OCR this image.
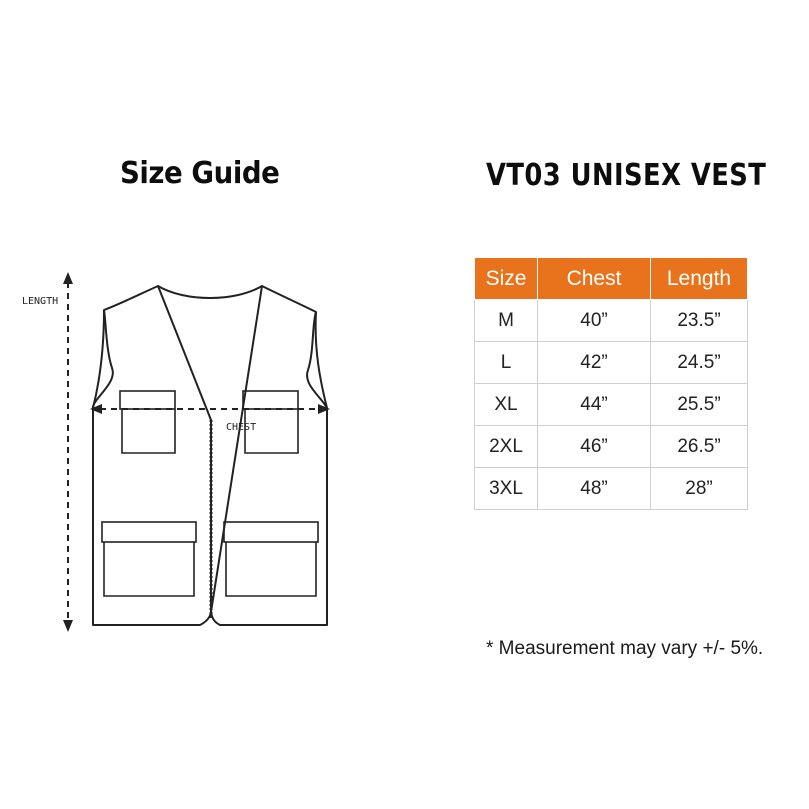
Size Guide	VT03 UNISEX VEST
LENGTH
CHEST
Size	Chest	Length
M	40”	23.5”
L	42”	24.5”
XL	44”	25.5”
2XL	46”	26.5”
3XL	48”	28”
* Measurement may vary +/- 5%.
